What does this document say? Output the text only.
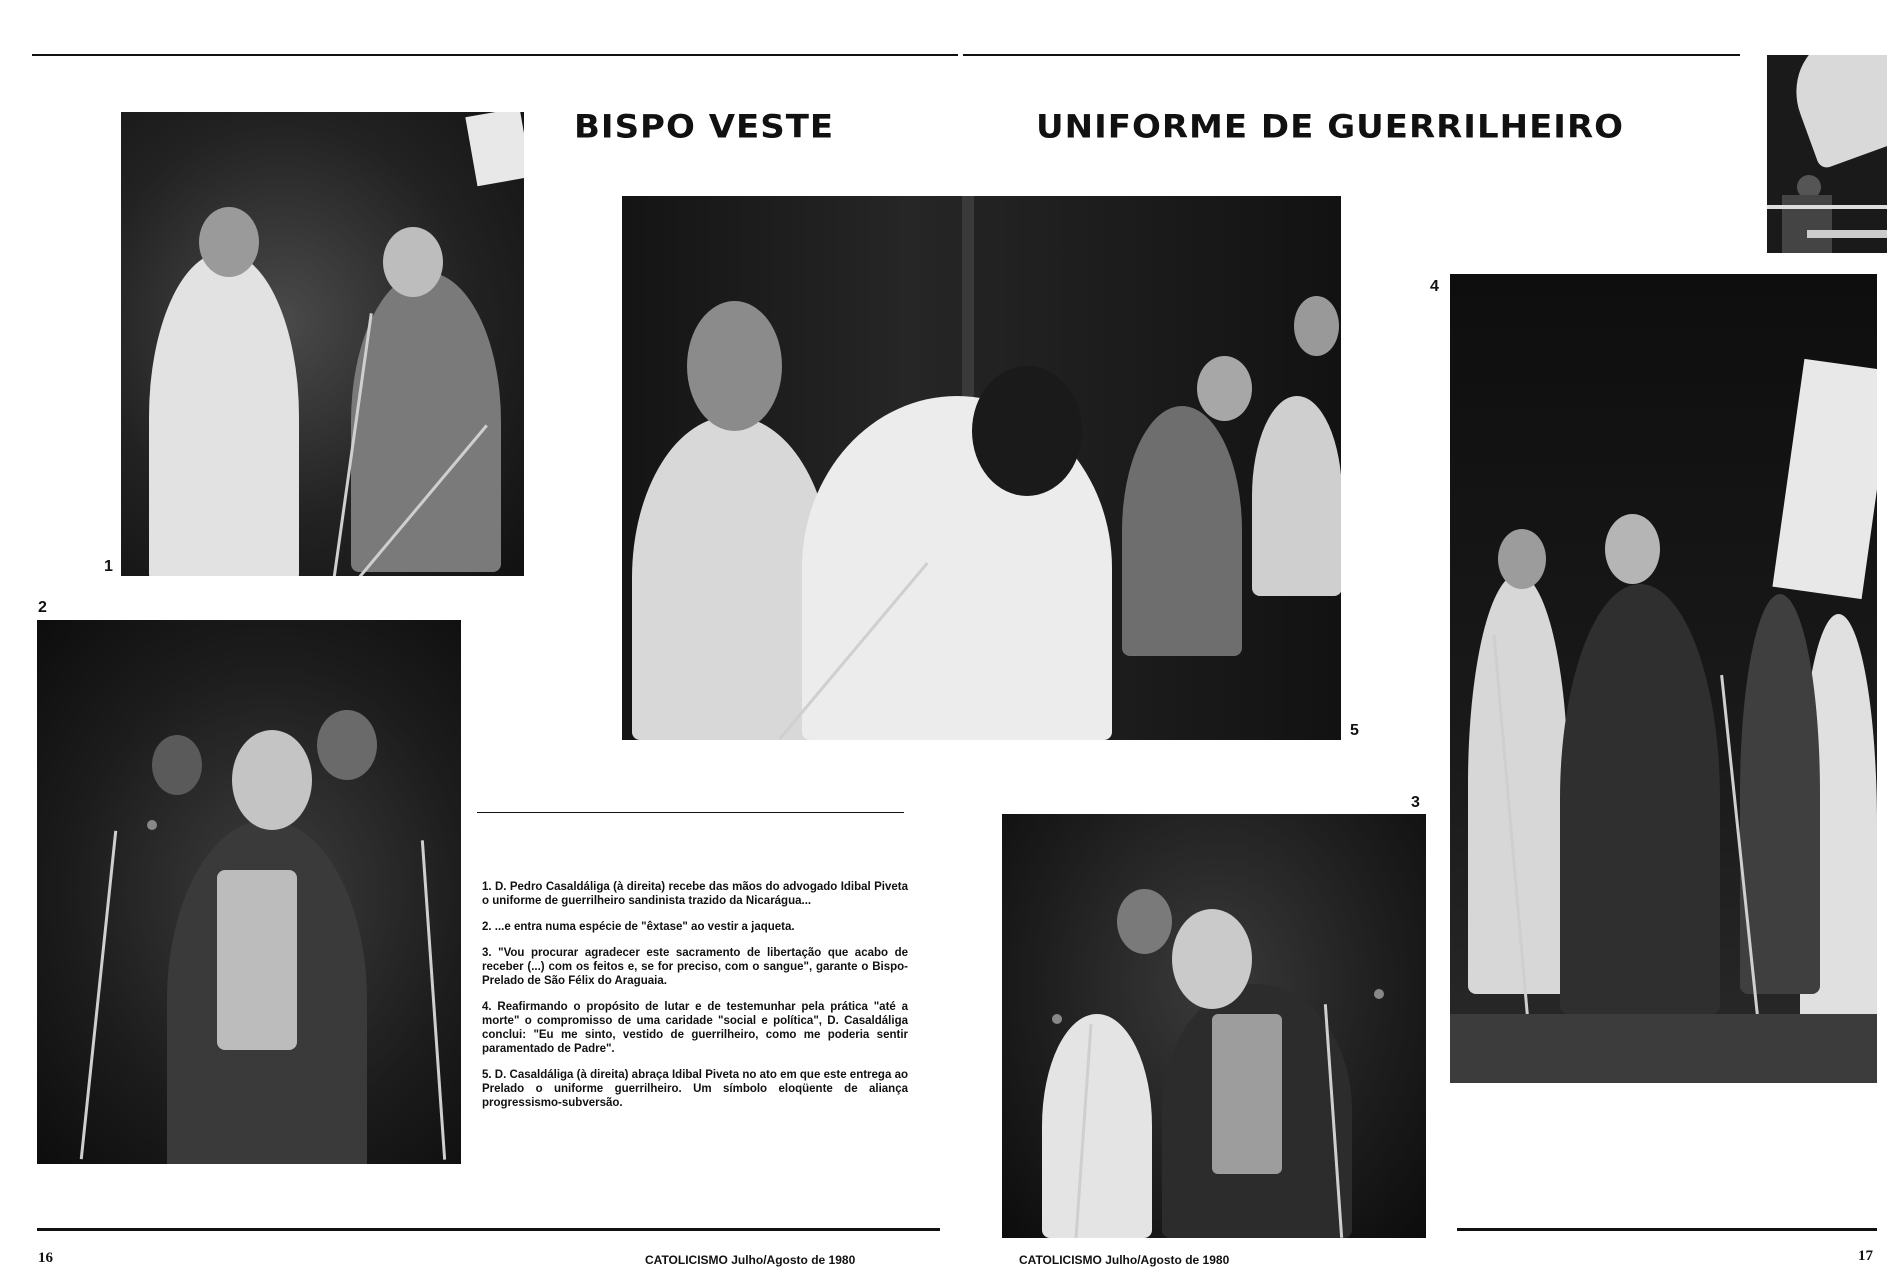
BISPO VESTE	UNIFORME DE GUERRILHEIRO
1
2
5
4
3

1. D. Pedro Casaldáliga (à direita) recebe das mãos do advogado Idibal Piveta o uniforme de guerrilheiro sandinista trazido da Nicarágua...

2. ...e entra numa espécie de "êxtase" ao vestir a jaqueta.

3. "Vou procurar agradecer este sacramento de libertação que acabo de receber (...) com os feitos e, se for preciso, com o sangue", garante o Bispo-Prelado de São Félix do Araguaia.

4. Reafirmando o propósito de lutar e de testemunhar pela prática "até a morte" o compromisso de uma caridade "social e política", D. Casaldáliga conclui: "Eu me sinto, vestido de guerrilheiro, como me poderia sentir paramentado de Padre".

5. D. Casaldáliga (à direita) abraça Idibal Piveta no ato em que este entrega ao Prelado o uniforme guerrilheiro. Um símbolo eloqüente de aliança progressismo-subversão.

16	CATOLICISMO Julho/Agosto de 1980	CATOLICISMO Julho/Agosto de 1980	17
